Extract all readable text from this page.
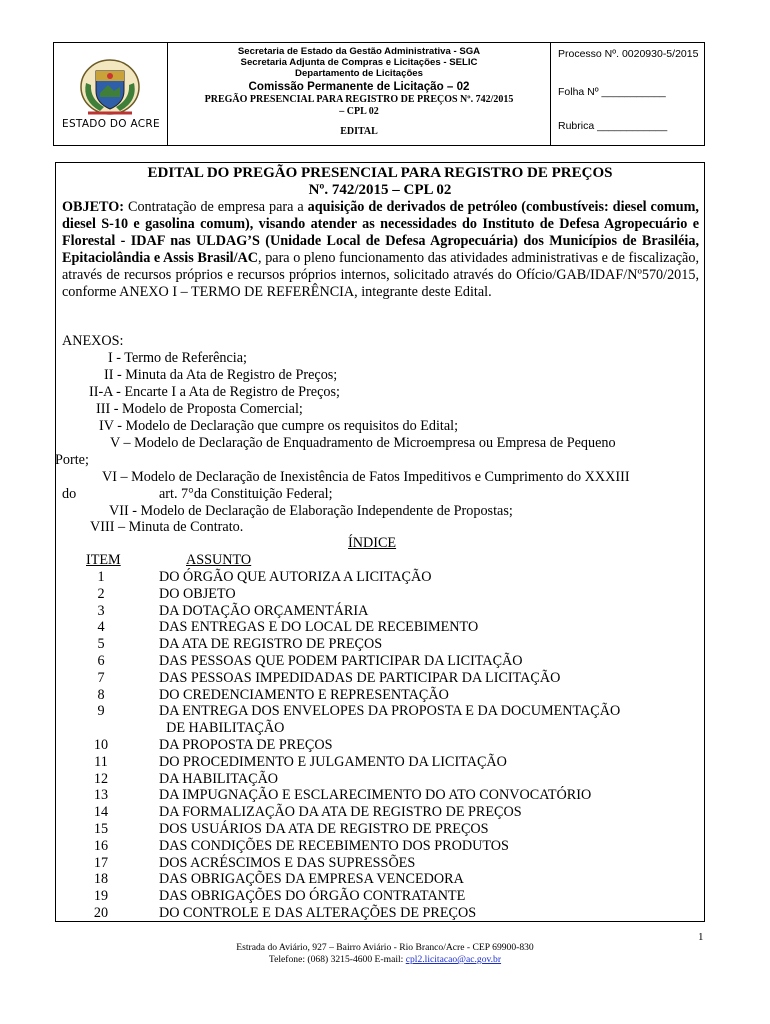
ESTADO DO ACRE
Secretaria de Estado da Gestão Administrativa - SGA
Secretaria Adjunta de Compras e Licitações - SELIC
Departamento de Licitações
Comissão Permanente de Licitação – 02
PREGÃO PRESENCIAL PARA REGISTRO DE PREÇOS Nº. 742/2015
– CPL 02
EDITAL
Processo Nº. 0020930-5/2015
Folha Nº ___________
Rubrica ____________
EDITAL DO PREGÃO PRESENCIAL PARA REGISTRO DE PREÇOS
Nº. 742/2015 – CPL 02
OBJETO: Contratação de empresa para a aquisição de derivados de petróleo (combustíveis: diesel comum, diesel S-10 e gasolina comum), visando atender as necessidades do Instituto de Defesa Agropecuário e Florestal - IDAF nas ULDAG’S (Unidade Local de Defesa Agropecuária) dos Municípios de Brasiléia, Epitaciolândia e Assis Brasil/AC, para o pleno funcionamento das atividades administrativas e de fiscalização, através de recursos próprios e recursos próprios internos, solicitado através do Ofício/GAB/IDAF/Nº570/2015, conforme ANEXO I – TERMO DE REFERÊNCIA, integrante deste Edital.
ANEXOS:
I - Termo de Referência;
II - Minuta da Ata de Registro de Preços;
II-A - Encarte I a Ata de Registro de Preços;
III - Modelo de Proposta Comercial;
IV - Modelo de Declaração que cumpre os requisitos do Edital;
V – Modelo de Declaração de Enquadramento de Microempresa ou Empresa de Pequeno
Porte;
VI – Modelo de Declaração de Inexistência de Fatos Impeditivos e Cumprimento do XXXIII
do	art. 7°da Constituição Federal;
VII - Modelo de Declaração de Elaboração Independente de Propostas;
VIII – Minuta de Contrato.
ÍNDICE
ITEM	ASSUNTO
1	DO ÓRGÃO QUE AUTORIZA A LICITAÇÃO
2	DO OBJETO
3	DA DOTAÇÃO ORÇAMENTÁRIA
4	DAS ENTREGAS E DO LOCAL DE RECEBIMENTO
5	DA ATA DE REGISTRO DE PREÇOS
6	DAS PESSOAS QUE PODEM PARTICIPAR DA LICITAÇÃO
7	DAS PESSOAS IMPEDIDADAS DE PARTICIPAR DA LICITAÇÃO
8	DO CREDENCIAMENTO E REPRESENTAÇÃO
9	DA ENTREGA DOS ENVELOPES DA PROPOSTA E DA DOCUMENTAÇÃO
DE HABILITAÇÃO
10	DA PROPOSTA DE PREÇOS
11	DO PROCEDIMENTO E JULGAMENTO DA LICITAÇÃO
12	DA HABILITAÇÃO
13	DA IMPUGNAÇÃO E ESCLARECIMENTO DO ATO CONVOCATÓRIO
14	DA FORMALIZAÇÃO DA ATA DE REGISTRO DE PREÇOS
15	DOS USUÁRIOS DA ATA DE REGISTRO DE PREÇOS
16	DAS CONDIÇÕES DE RECEBIMENTO DOS PRODUTOS
17	DOS ACRÉSCIMOS E DAS SUPRESSÕES
18	DAS OBRIGAÇÕES DA EMPRESA VENCEDORA
19	DAS OBRIGAÇÕES DO ÓRGÃO CONTRATANTE
20	DO CONTROLE E DAS ALTERAÇÕES DE PREÇOS
1
Estrada do Aviário, 927 – Bairro Aviário - Rio Branco/Acre - CEP 69900-830
Telefone: (068) 3215-4600 E-mail: cpl2.licitacao@ac.gov.br
